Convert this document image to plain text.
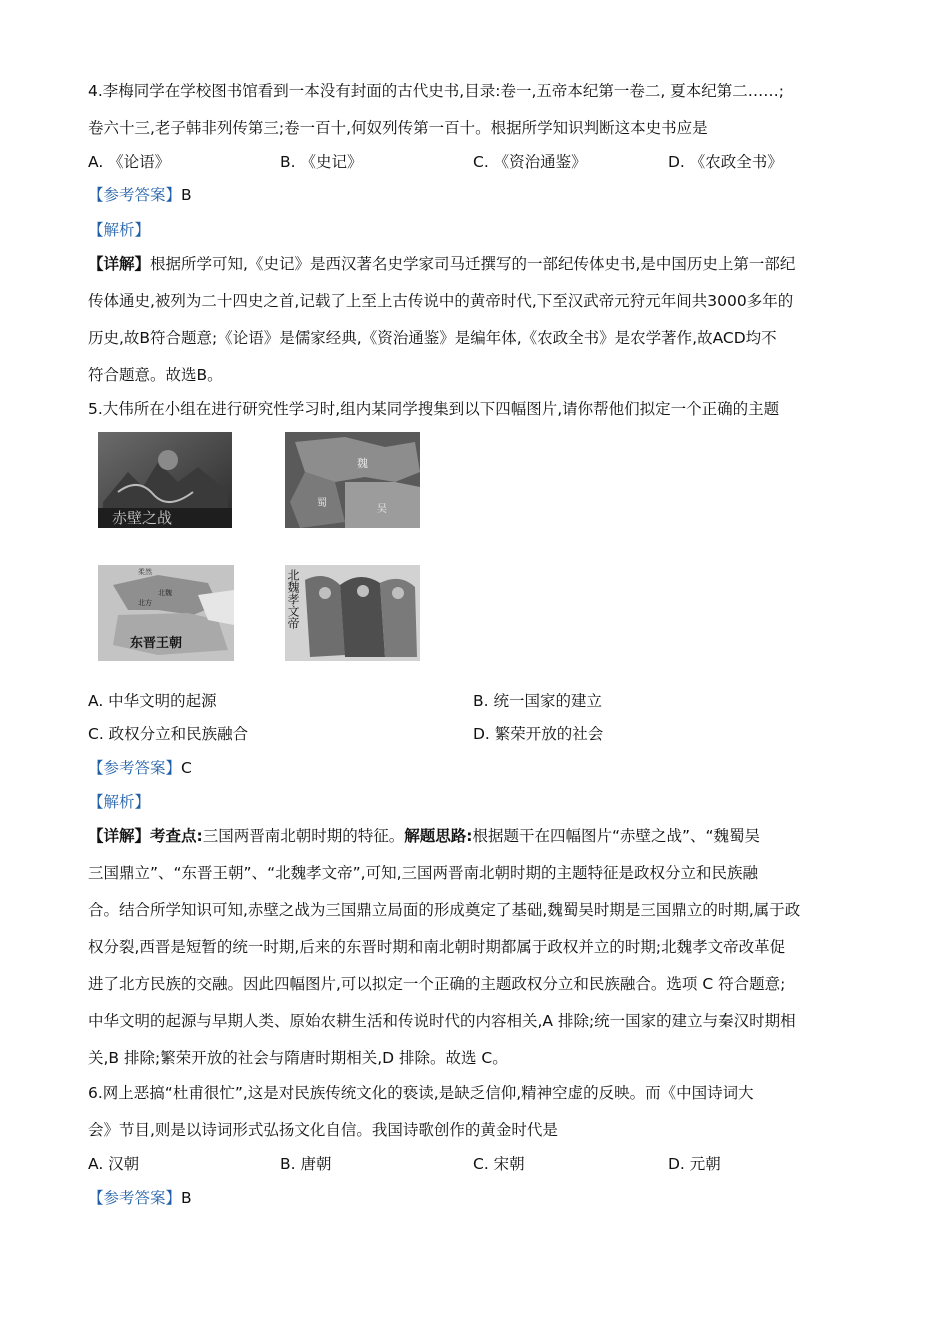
4.李梅同学在学校图书馆看到一本没有封面的古代史书,目录:卷一,五帝本纪第一卷二, 夏本纪第二……;
卷六十三,老子韩非列传第三;卷一百十,何奴列传第一百十。根据所学知识判断这本史书应是
A. 《论语》	B. 《史记》	C. 《资治通鉴》	D. 《农政全书》
【参考答案】B
【解析】
【详解】根据所学可知,《史记》是西汉著名史学家司马迁撰写的一部纪传体史书,是中国历史上第一部纪
传体通史,被列为二十四史之首,记载了上至上古传说中的黄帝时代,下至汉武帝元狩元年间共3000多年的
历史,故B符合题意;《论语》是儒家经典,《资治通鉴》是编年体,《农政全书》是农学著作,故ACD均不
符合题意。故选B。
5.大伟所在小组在进行研究性学习时,组内某同学搜集到以下四幅图片,请你帮他们拟定一个正确的主题
赤壁之战
魏
蜀
吴
柔然
北魏
北方
东晋王朝
北魏孝文帝
A. 中华文明的起源	B. 统一国家的建立
C. 政权分立和民族融合	D. 繁荣开放的社会
【参考答案】C
【解析】
【详解】考查点:三国两晋南北朝时期的特征。解题思路:根据题干在四幅图片“赤壁之战”、“魏蜀吴
三国鼎立”、“东晋王朝”、“北魏孝文帝”,可知,三国两晋南北朝时期的主题特征是政权分立和民族融
合。结合所学知识可知,赤壁之战为三国鼎立局面的形成奠定了基础,魏蜀吴时期是三国鼎立的时期,属于政
权分裂,西晋是短暂的统一时期,后来的东晋时期和南北朝时期都属于政权并立的时期;北魏孝文帝改革促
进了北方民族的交融。因此四幅图片,可以拟定一个正确的主题政权分立和民族融合。选项 C 符合题意;
中华文明的起源与早期人类、原始农耕生活和传说时代的内容相关,A 排除;统一国家的建立与秦汉时期相
关,B 排除;繁荣开放的社会与隋唐时期相关,D 排除。故选 C。
6.网上恶搞“杜甫很忙”,这是对民族传统文化的亵读,是缺乏信仰,精神空虚的反映。而《中国诗词大
会》节目,则是以诗词形式弘扬文化自信。我国诗歌创作的黄金时代是
A. 汉朝	B. 唐朝	C. 宋朝	D. 元朝
【参考答案】B
